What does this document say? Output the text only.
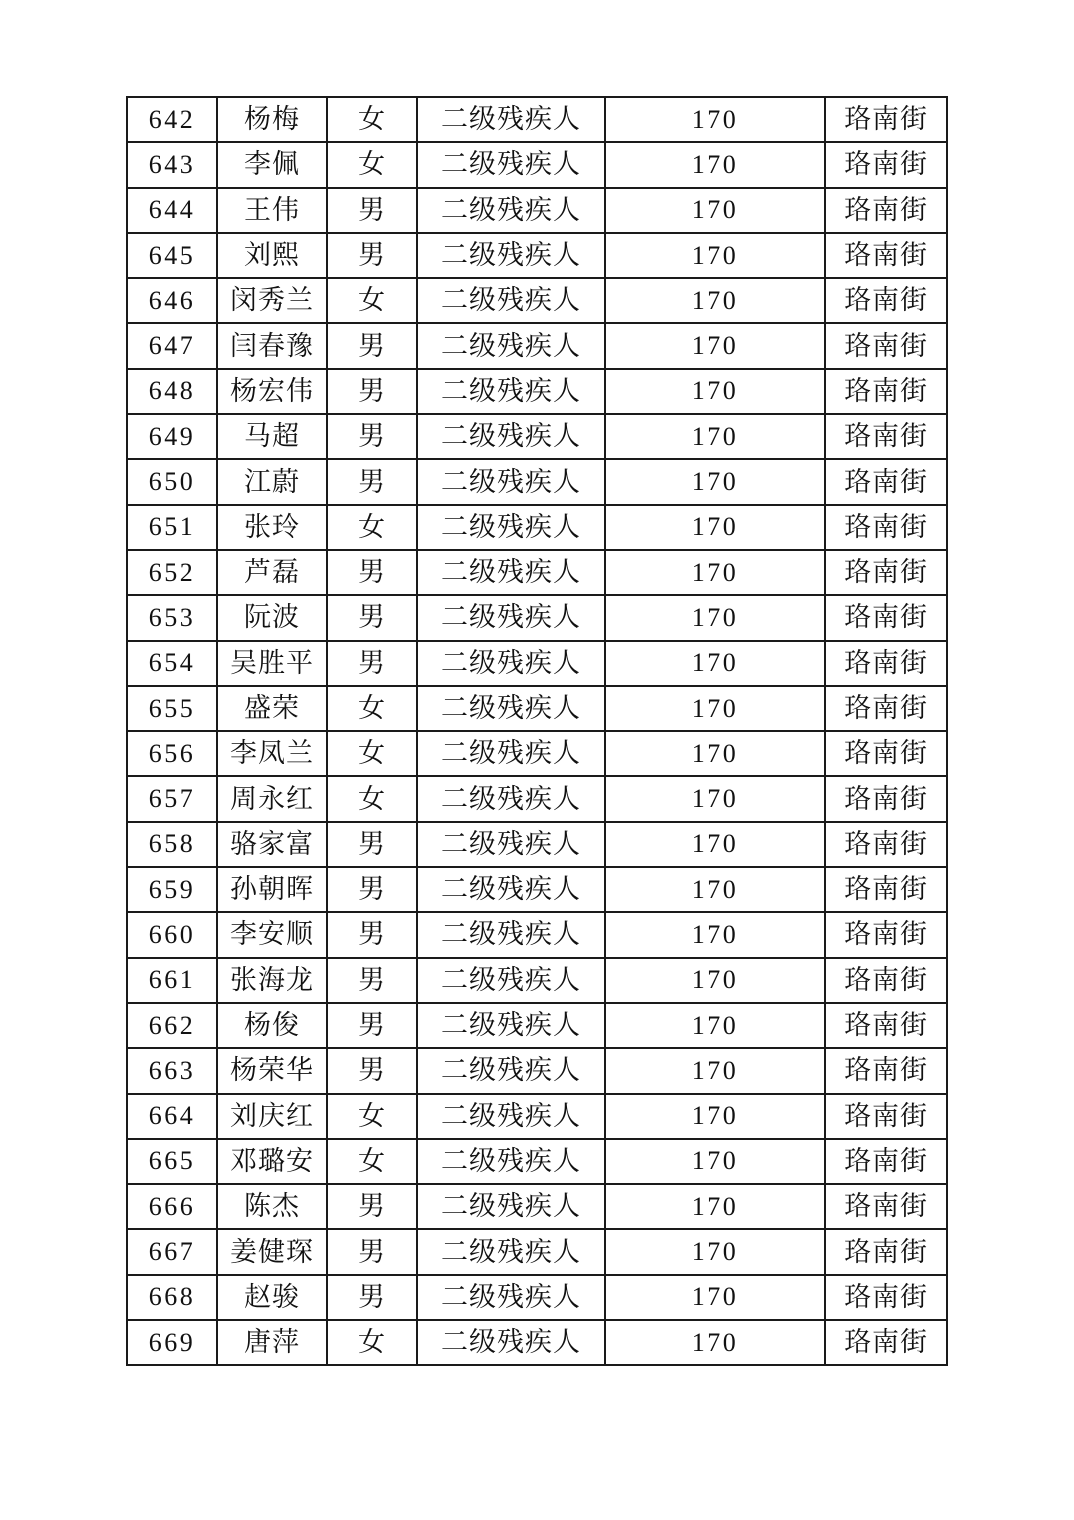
642	杨梅	女	二级残疾人	170	珞南街
643	李佩	女	二级残疾人	170	珞南街
644	王伟	男	二级残疾人	170	珞南街
645	刘熙	男	二级残疾人	170	珞南街
646	闵秀兰	女	二级残疾人	170	珞南街
647	闫春豫	男	二级残疾人	170	珞南街
648	杨宏伟	男	二级残疾人	170	珞南街
649	马超	男	二级残疾人	170	珞南街
650	江蔚	男	二级残疾人	170	珞南街
651	张玲	女	二级残疾人	170	珞南街
652	芦磊	男	二级残疾人	170	珞南街
653	阮波	男	二级残疾人	170	珞南街
654	吴胜平	男	二级残疾人	170	珞南街
655	盛荣	女	二级残疾人	170	珞南街
656	李凤兰	女	二级残疾人	170	珞南街
657	周永红	女	二级残疾人	170	珞南街
658	骆家富	男	二级残疾人	170	珞南街
659	孙朝晖	男	二级残疾人	170	珞南街
660	李安顺	男	二级残疾人	170	珞南街
661	张海龙	男	二级残疾人	170	珞南街
662	杨俊	男	二级残疾人	170	珞南街
663	杨荣华	男	二级残疾人	170	珞南街
664	刘庆红	女	二级残疾人	170	珞南街
665	邓璐安	女	二级残疾人	170	珞南街
666	陈杰	男	二级残疾人	170	珞南街
667	姜健琛	男	二级残疾人	170	珞南街
668	赵骏	男	二级残疾人	170	珞南街
669	唐萍	女	二级残疾人	170	珞南街
